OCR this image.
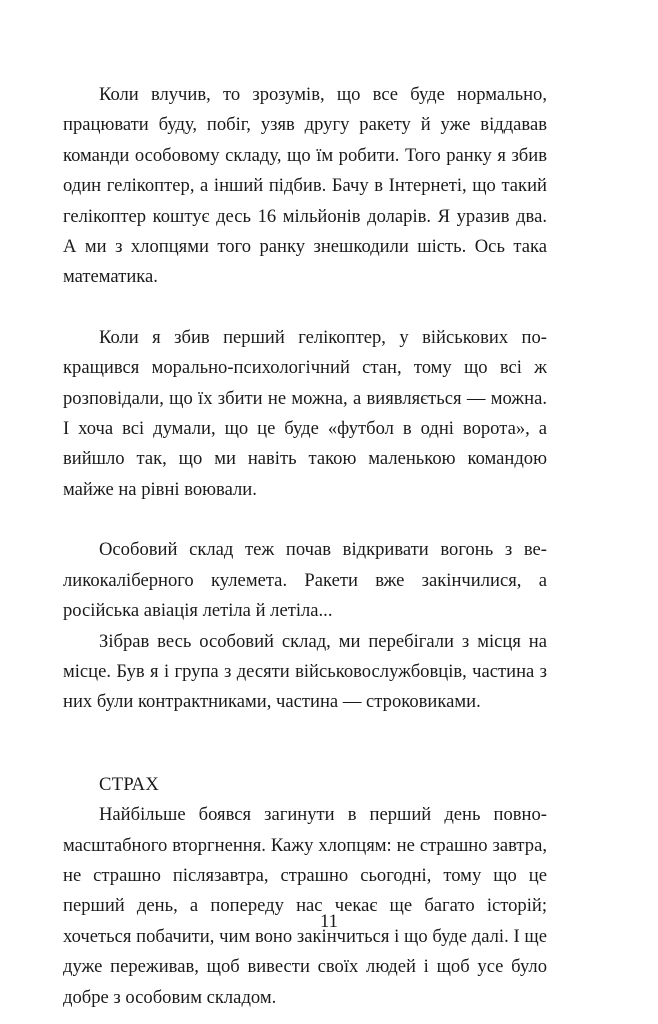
Коли влучив, то зрозумів, що все буде нормально, працювати буду, побіг, узяв другу ракету й уже віддавав команди особовому складу, що їм робити. Того ранку я збив один гелікоптер, а інший підбив. Бачу в Інтернеті, що такий гелікоптер коштує десь 16 мільйонів доларів. Я уразив два. А ми з хлопцями того ранку знешкодили шість. Ось така математика.

Коли я збив перший гелікоптер, у військових покращився морально-психологічний стан, тому що всі ж розповідали, що їх збити не можна, а виявляється — можна. І хоча всі думали, що це буде «футбол в одні ворота», а вийшло так, що ми навіть такою маленькою командою майже на рівні воювали.

Особовий склад теж почав відкривати вогонь з великокаліберного кулемета. Ракети вже закінчилися, а російська авіація летіла й летіла...

Зібрав весь особовий склад, ми перебігали з місця на місце. Був я і група з десяти військовослужбовців, частина з них були контрактниками, частина — строковиками.

СТРАХ

Найбільше боявся загинути в перший день повномасштабного вторгнення. Кажу хлопцям: не страшно завтра, не страшно післязавтра, страшно сьогодні, тому що це перший день, а попереду нас чекає ще багато історій; хочеться побачити, чим воно закінчиться і що буде далі. І ще дуже переживав, щоб вивести своїх людей і щоб усе було добре з особовим складом.

11
